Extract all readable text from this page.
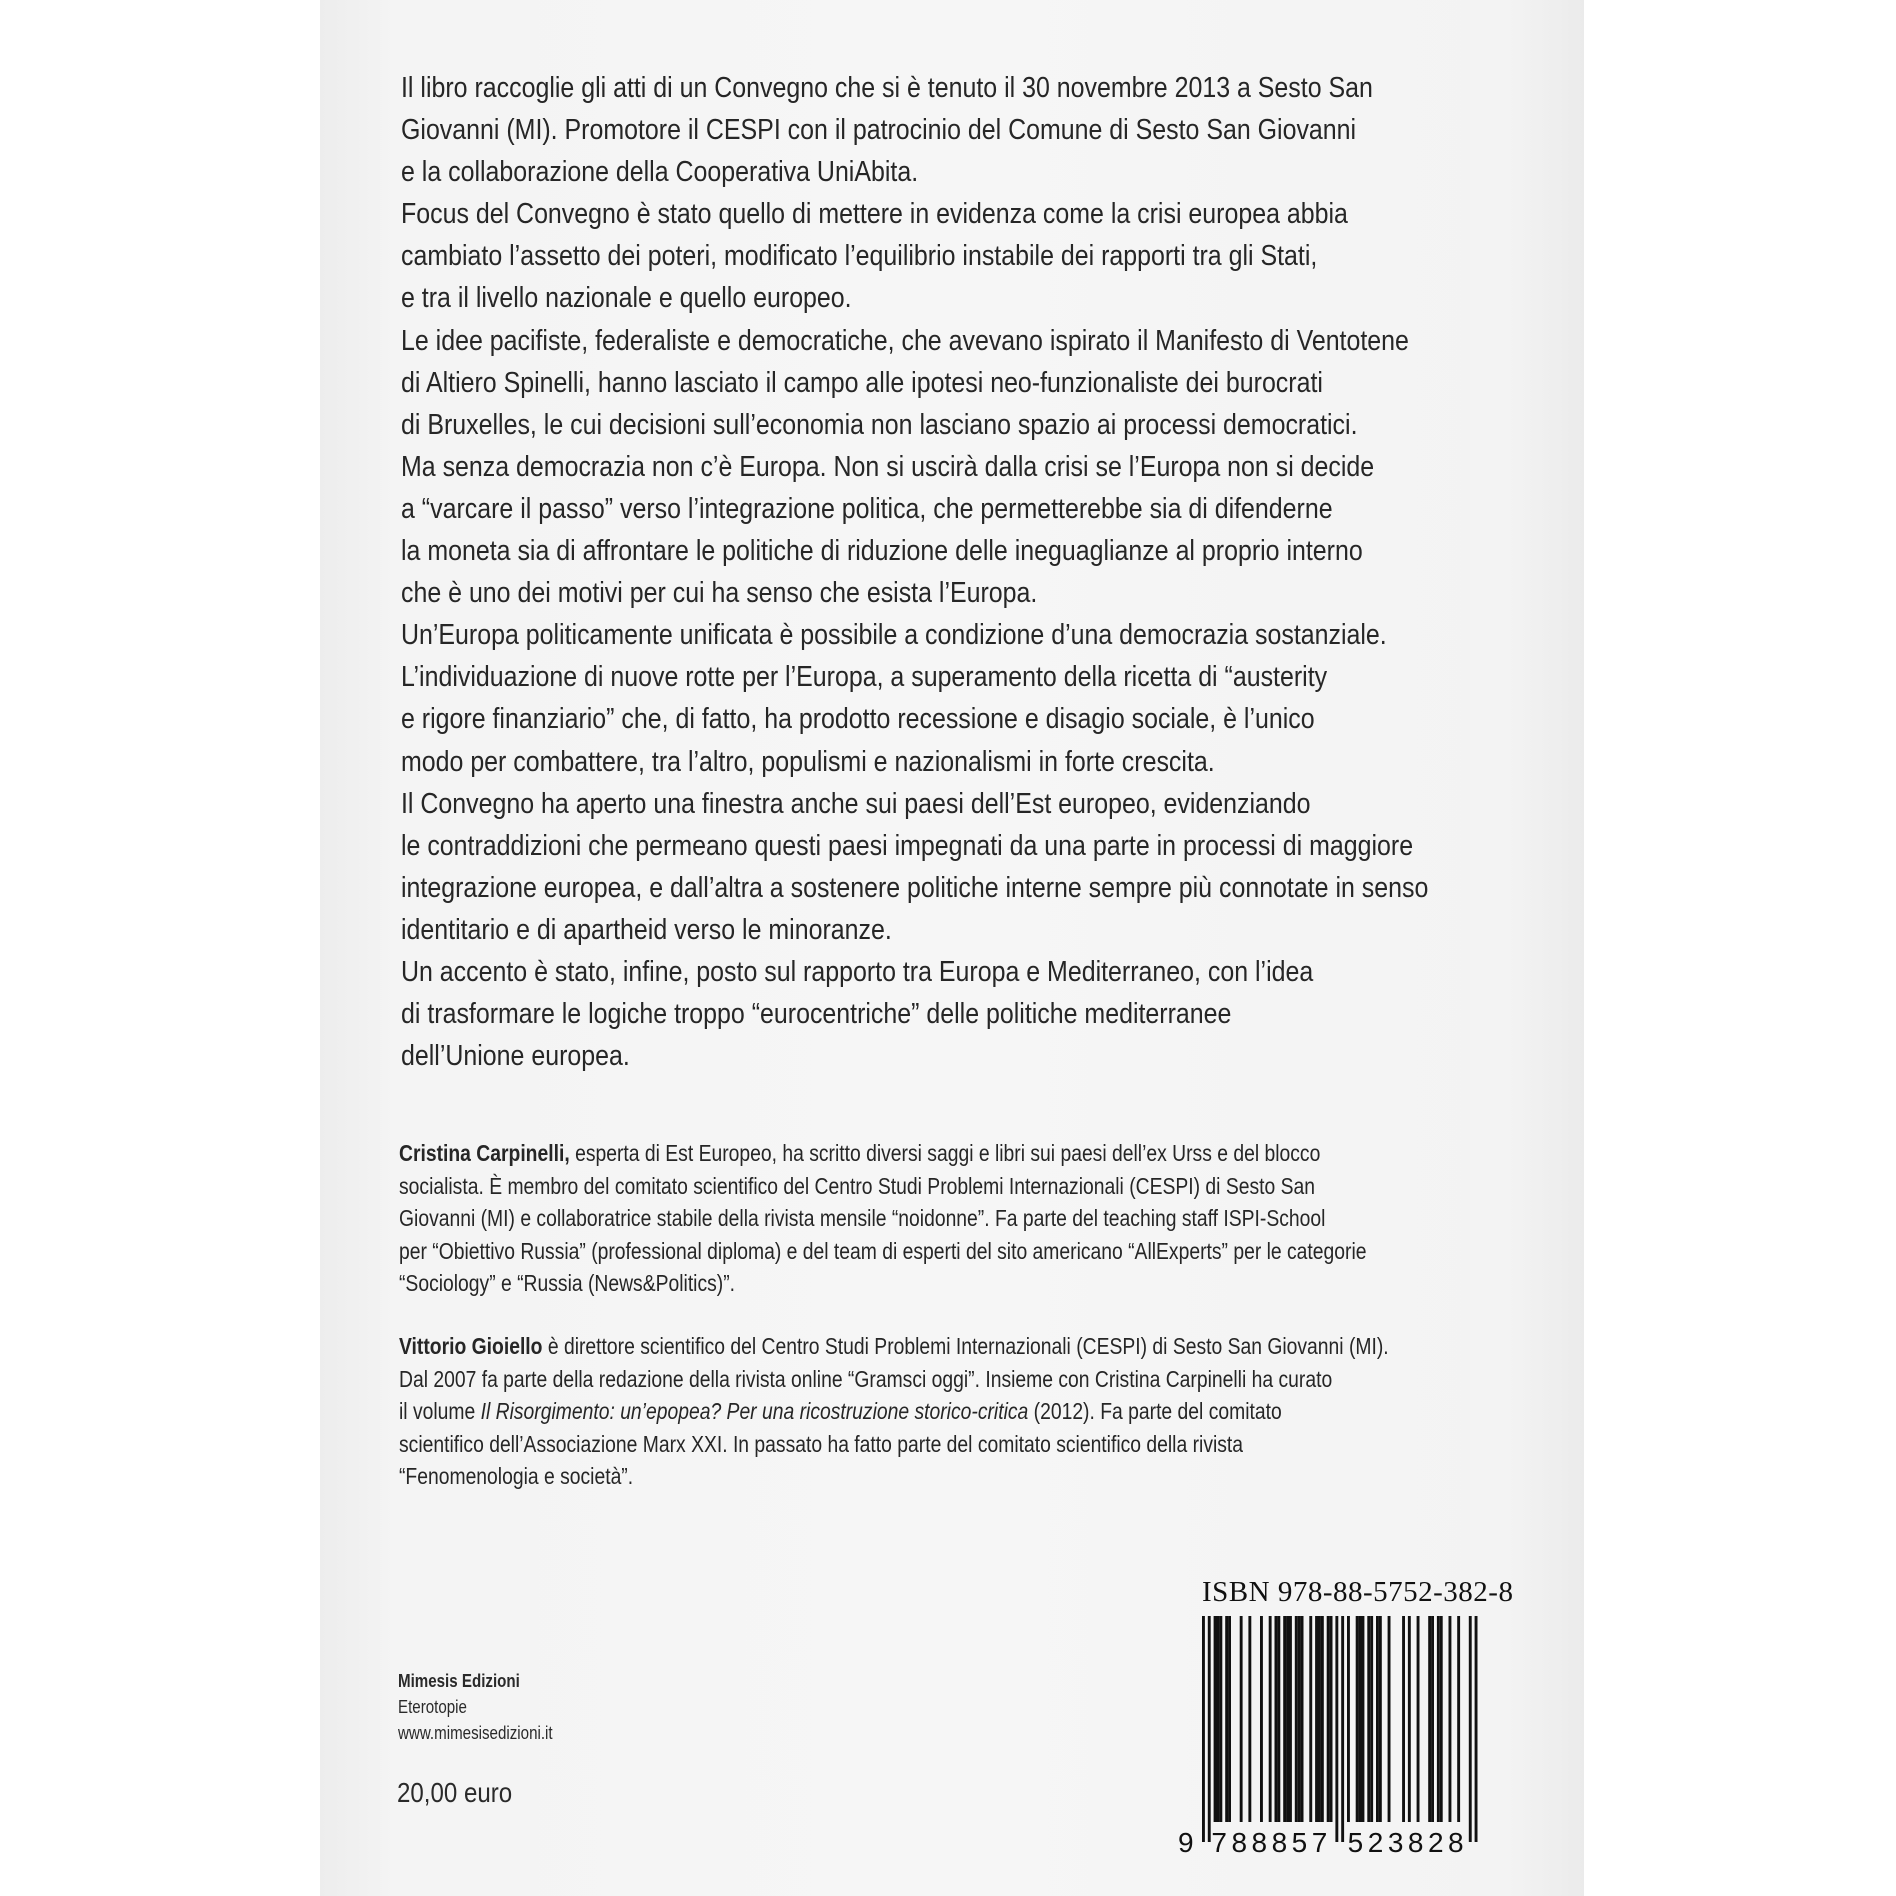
Il libro raccoglie gli atti di un Convegno che si è tenuto il 30 novembre 2013 a Sesto San
Giovanni (MI). Promotore il CESPI con il patrocinio del Comune di Sesto San Giovanni
e la collaborazione della Cooperativa UniAbita.
Focus del Convegno è stato quello di mettere in evidenza come la crisi europea abbia
cambiato l’assetto dei poteri, modificato l’equilibrio instabile dei rapporti tra gli Stati,
e tra il livello nazionale e quello europeo.
Le idee pacifiste, federaliste e democratiche, che avevano ispirato il Manifesto di Ventotene
di Altiero Spinelli, hanno lasciato il campo alle ipotesi neo-funzionaliste dei burocrati
di Bruxelles, le cui decisioni sull’economia non lasciano spazio ai processi democratici.
Ma senza democrazia non c’è Europa. Non si uscirà dalla crisi se l’Europa non si decide
a “varcare il passo” verso l’integrazione politica, che permetterebbe sia di difenderne
la moneta sia di affrontare le politiche di riduzione delle ineguaglianze al proprio interno
che è uno dei motivi per cui ha senso che esista l’Europa.
Un’Europa politicamente unificata è possibile a condizione d’una democrazia sostanziale.
L’individuazione di nuove rotte per l’Europa, a superamento della ricetta di “austerity
e rigore finanziario” che, di fatto, ha prodotto recessione e disagio sociale, è l’unico
modo per combattere, tra l’altro, populismi e nazionalismi in forte crescita.
Il Convegno ha aperto una finestra anche sui paesi dell’Est europeo, evidenziando
le contraddizioni che permeano questi paesi impegnati da una parte in processi di maggiore
integrazione europea, e dall’altra a sostenere politiche interne sempre più connotate in senso
identitario e di apartheid verso le minoranze.
Un accento è stato, infine, posto sul rapporto tra Europa e Mediterraneo, con l’idea
di trasformare le logiche troppo “eurocentriche” delle politiche mediterranee
dell’Unione europea.
Cristina Carpinelli, esperta di Est Europeo, ha scritto diversi saggi e libri sui paesi dell’ex Urss e del blocco
socialista. È membro del comitato scientifico del Centro Studi Problemi Internazionali (CESPI) di Sesto San
Giovanni (MI) e collaboratrice stabile della rivista mensile “noidonne”. Fa parte del teaching staff ISPI-School
per “Obiettivo Russia” (professional diploma) e del team di esperti del sito americano “AllExperts” per le categorie
“Sociology” e “Russia (News&Politics)”.
Vittorio Gioiello è direttore scientifico del Centro Studi Problemi Internazionali (CESPI) di Sesto San Giovanni (MI).
Dal 2007 fa parte della redazione della rivista online “Gramsci oggi”. Insieme con Cristina Carpinelli ha curato
il volume Il Risorgimento: un’epopea? Per una ricostruzione storico-critica (2012). Fa parte del comitato
scientifico dell’Associazione Marx XXI. In passato ha fatto parte del comitato scientifico della rivista
“Fenomenologia e società”.
Mimesis Edizioni
Eterotopie
www.mimesisedizioni.it
20,00 euro
ISBN 978-88-5752-382-8
9 788857 523828
